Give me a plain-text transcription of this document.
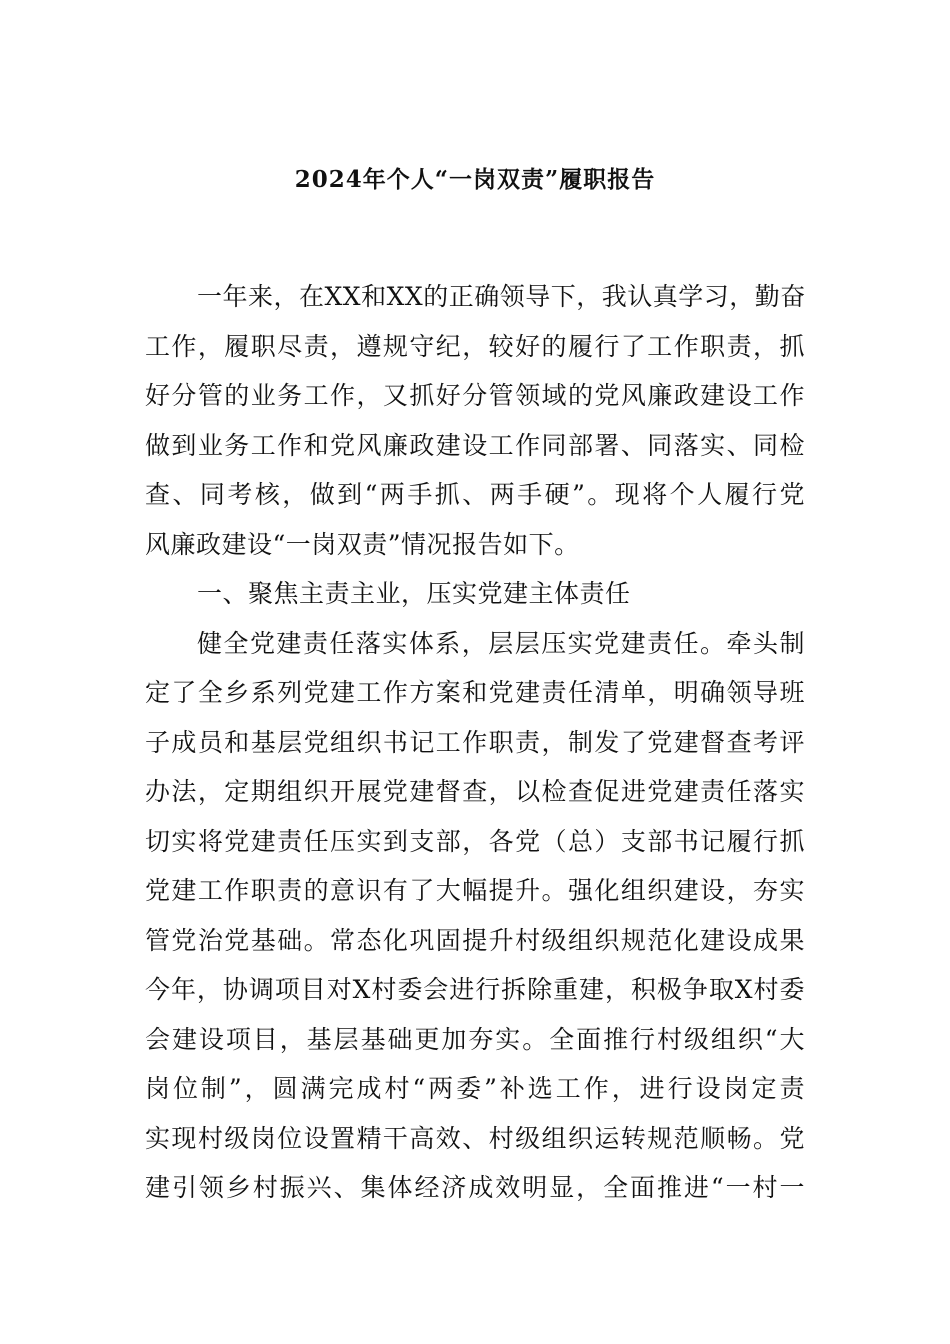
2024年个人“一岗双责”履职报告
一年来，在XX和XX的正确领导下，我认真学习，勤奋
工作，履职尽责，遵规守纪，较好的履行了工作职责，抓
好分管的业务工作，又抓好分管领域的党风廉政建设工作
做到业务工作和党风廉政建设工作同部署、同落实、同检
查、同考核，做到“两手抓、两手硬”。现将个人履行党
风廉政建设“一岗双责”情况报告如下。
一、聚焦主责主业，压实党建主体责任
健全党建责任落实体系，层层压实党建责任。牵头制
定了全乡系列党建工作方案和党建责任清单，明确领导班
子成员和基层党组织书记工作职责，制发了党建督查考评
办法，定期组织开展党建督查，以检查促进党建责任落实
切实将党建责任压实到支部，各党（总）支部书记履行抓
党建工作职责的意识有了大幅提升。强化组织建设，夯实
管党治党基础。常态化巩固提升村级组织规范化建设成果
今年，协调项目对X村委会进行拆除重建，积极争取X村委
会建设项目，基层基础更加夯实。全面推行村级组织“大
岗位制”，圆满完成村“两委”补选工作，进行设岗定责
实现村级岗位设置精干高效、村级组织运转规范顺畅。党
建引领乡村振兴、集体经济成效明显，全面推进“一村一
